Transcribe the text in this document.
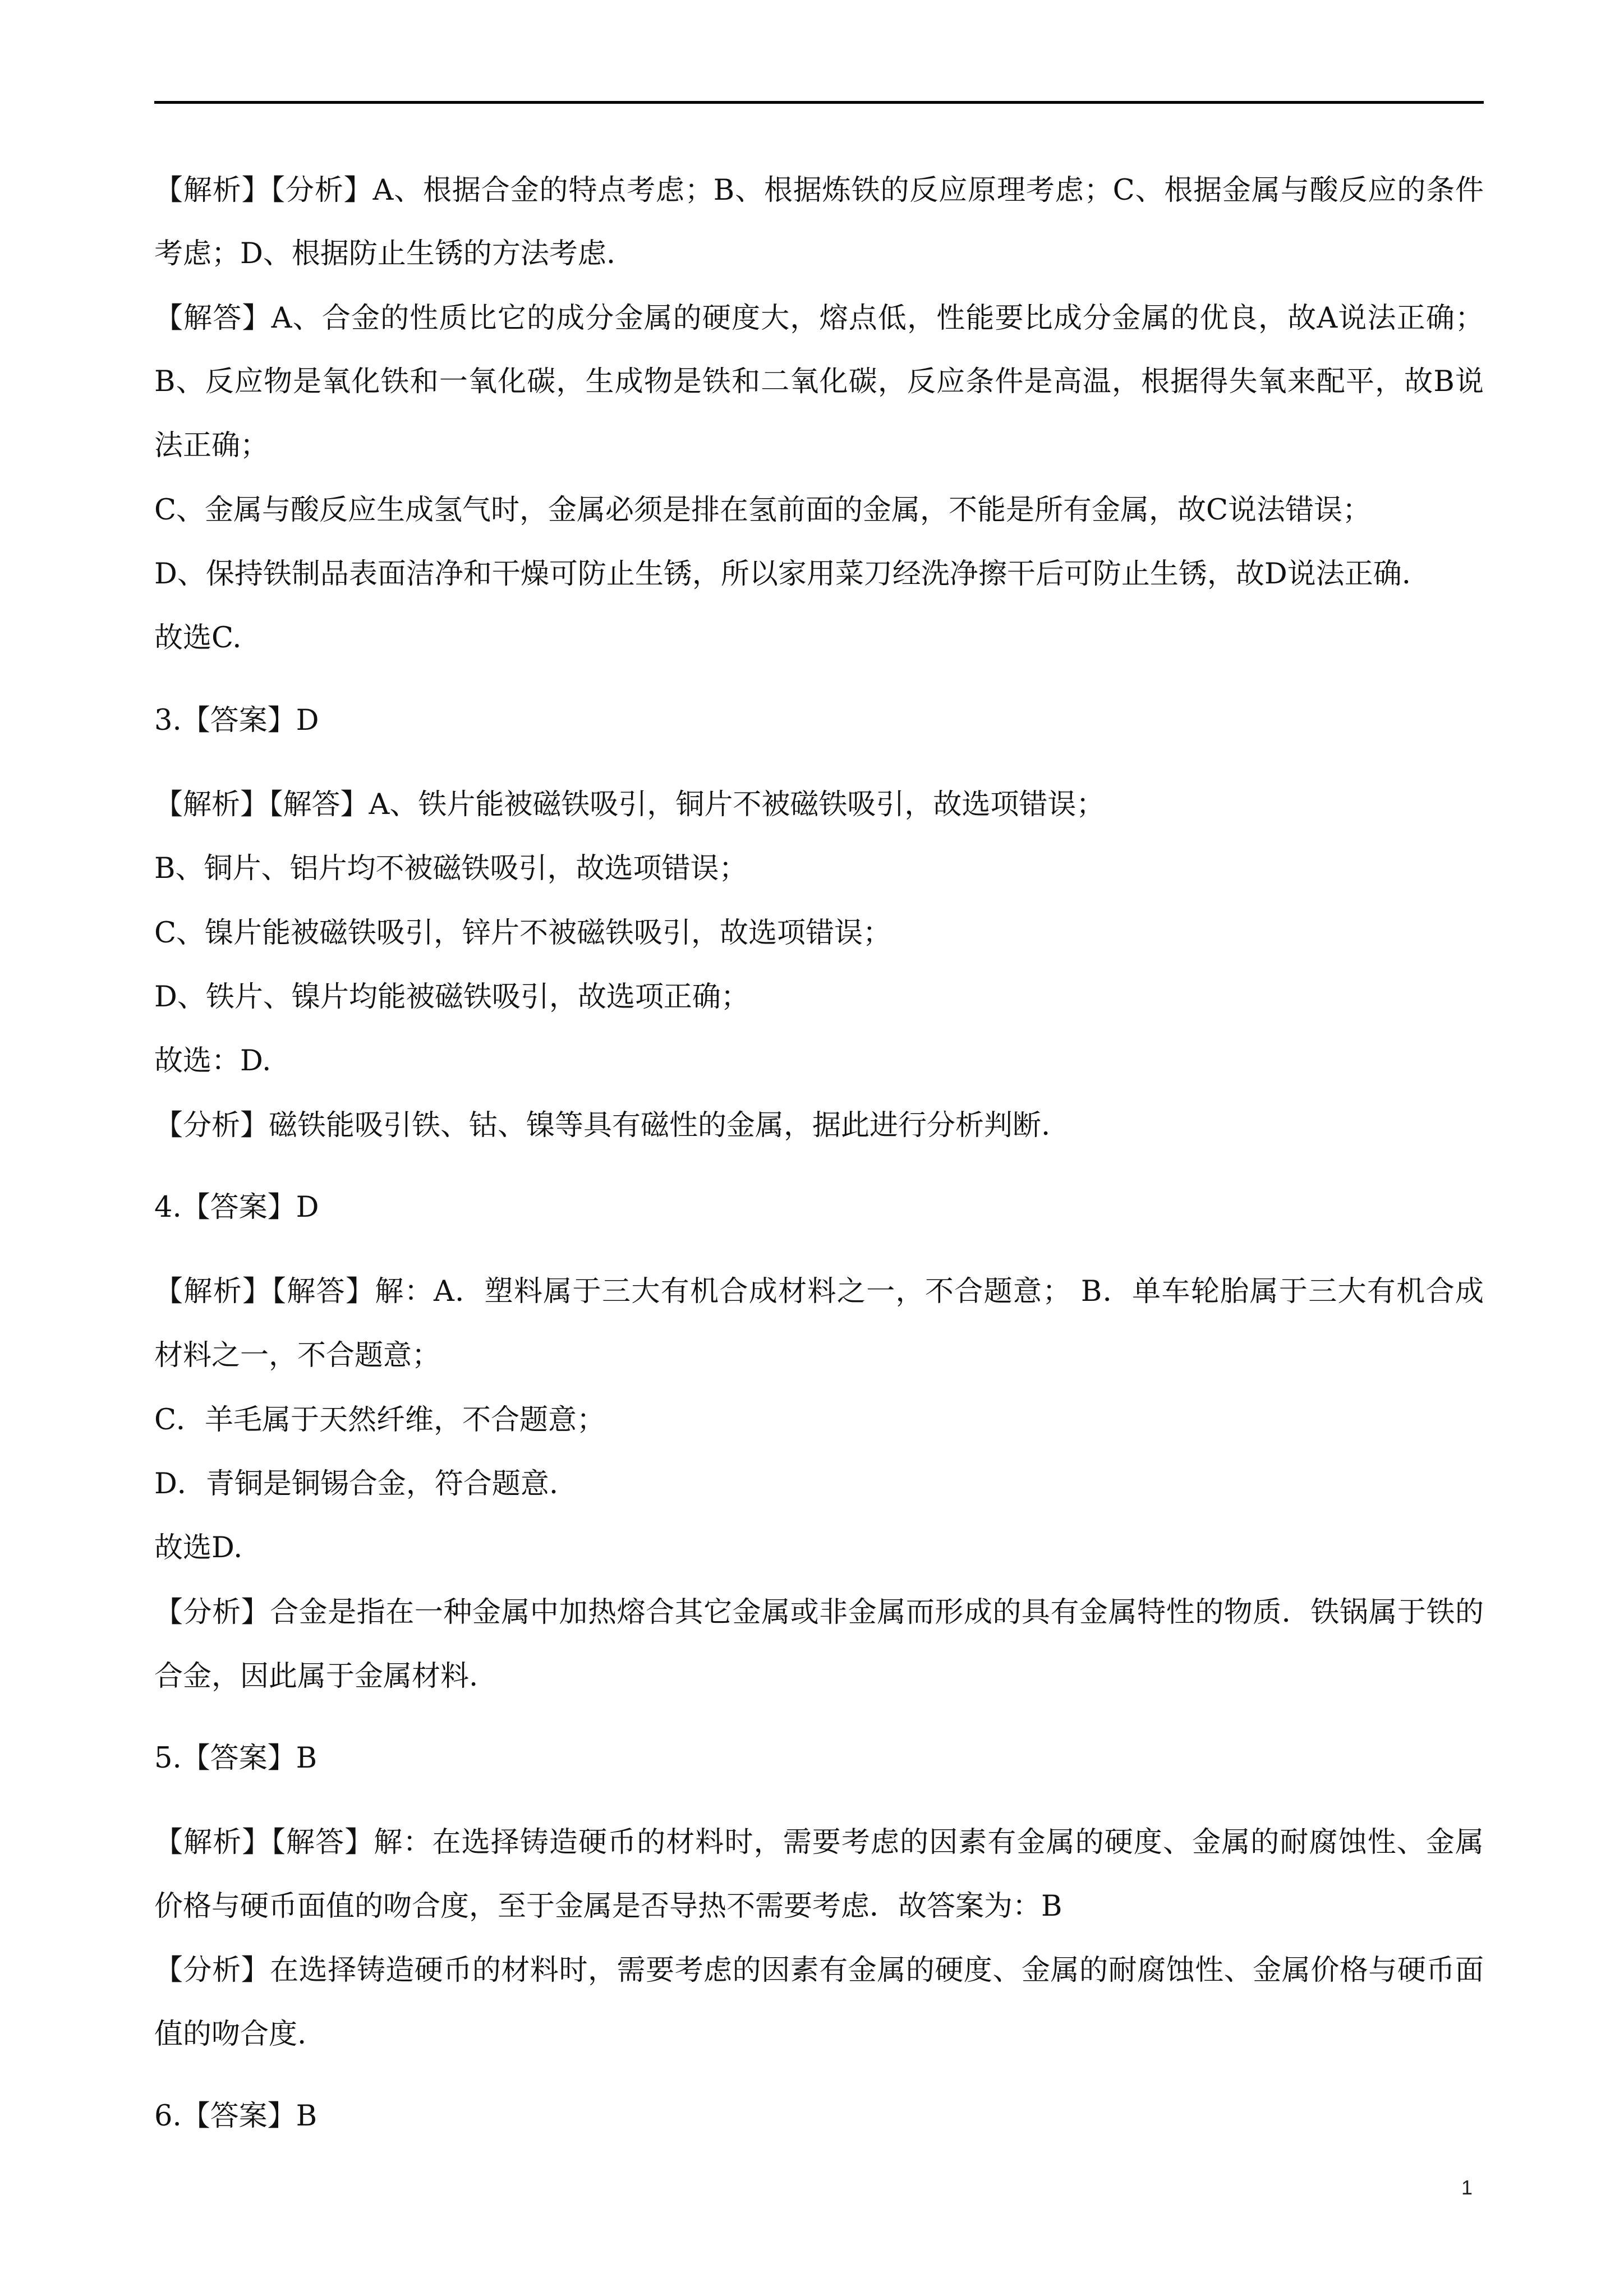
【解析】【分析】A、根据合金的特点考虑；B、根据炼铁的反应原理考虑；C、根据金属与酸反应的条件
考虑；D、根据防止生锈的方法考虑.
【解答】A、合金的性质比它的成分金属的硬度大，熔点低，性能要比成分金属的优良，故A说法正确；
B、反应物是氧化铁和一氧化碳，生成物是铁和二氧化碳，反应条件是高温，根据得失氧来配平，故B说
法正确；
C、金属与酸反应生成氢气时，金属必须是排在氢前面的金属，不能是所有金属，故C说法错误；
D、保持铁制品表面洁净和干燥可防止生锈，所以家用菜刀经洗净擦干后可防止生锈，故D说法正确.
故选C.
3.【答案】D
【解析】【解答】A、铁片能被磁铁吸引，铜片不被磁铁吸引，故选项错误；
B、铜片、铝片均不被磁铁吸引，故选项错误；
C、镍片能被磁铁吸引，锌片不被磁铁吸引，故选项错误；
D、铁片、镍片均能被磁铁吸引，故选项正确；
故选：D.
【分析】磁铁能吸引铁、钴、镍等具有磁性的金属，据此进行分析判断.
4.【答案】D
【解析】【解答】解：A．塑料属于三大有机合成材料之一，不合题意； B．单车轮胎属于三大有机合成
材料之一，不合题意；
C．羊毛属于天然纤维，不合题意；
D．青铜是铜锡合金，符合题意.
故选D.
【分析】合金是指在一种金属中加热熔合其它金属或非金属而形成的具有金属特性的物质．铁锅属于铁的
合金，因此属于金属材料.
5.【答案】B
【解析】【解答】解：在选择铸造硬币的材料时，需要考虑的因素有金属的硬度、金属的耐腐蚀性、金属
价格与硬币面值的吻合度，至于金属是否导热不需要考虑．故答案为：B
【分析】在选择铸造硬币的材料时，需要考虑的因素有金属的硬度、金属的耐腐蚀性、金属价格与硬币面
值的吻合度.
6.【答案】B
1
